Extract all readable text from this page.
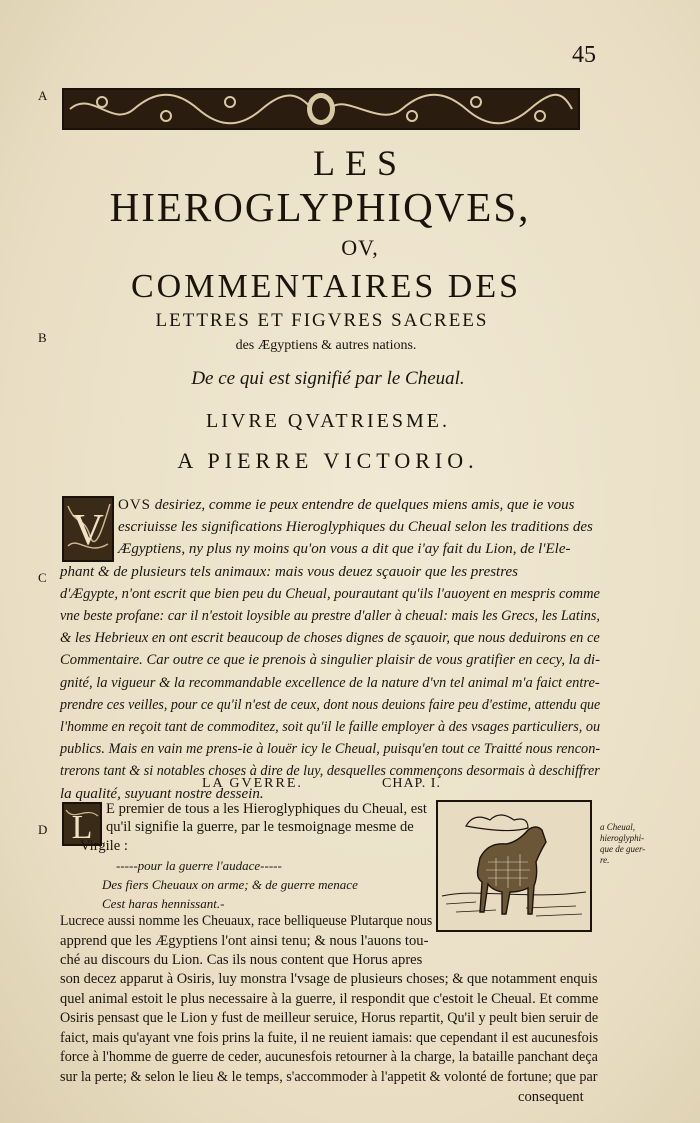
45
A
B
C
D
LES
HIEROGLYPHIQVES,
OV,
COMMENTAIRES DES
LETTRES ET FIGVRES SACREES
des Ægyptiens & autres nations.
De ce qui est signifié par le Cheual.
LIVRE QVATRIESME.
A PIERRE VICTORIO.
V OVS desiriez, comme ie peux entendre de quelques miens amis, que ie vous
escriuisse les significations Hieroglyphiques du Cheual selon les traditions des
Ægyptiens, ny plus ny moins qu'on vous a dit que i'ay fait du Lion, de l'Ele-
phant & de plusieurs tels animaux: mais vous deuez sçauoir que les prestres
d'Ægypte, n'ont escrit que bien peu du Cheual, pourautant qu'ils l'auoyent en mespris comme
vne beste profane: car il n'estoit loysible au prestre d'aller à cheual: mais les Grecs, les Latins,
& les Hebrieux en ont escrit beaucoup de choses dignes de sçauoir, que nous deduirons en ce
Commentaire. Car outre ce que ie prenois à singulier plaisir de vous gratifier en cecy, la di-
gnité, la vigueur & la recommandable excellence de la nature d'vn tel animal m'a faict entre-
prendre ces veilles, pour ce qu'il n'est de ceux, dont nous deuions faire peu d'estime, attendu que
l'homme en reçoit tant de commoditez, soit qu'il le faille employer à des vsages particuliers, ou
publics. Mais en vain me prens-ie à louër icy le Cheual, puisqu'en tout ce Traitté nous rencon-
trerons tant & si notables choses à dire de luy, desquelles commençons desormais à deschiffrer
la qualité, suyuant nostre dessein.
LA GVERRE.	CHAP. I.
L	a Cheual,
hieroglyphi-
que de guer-
re.
E premier de tous a les Hieroglyphiques du Cheual, est
qu'il signifie la guerre, par le tesmoignage mesme de
Virgile :
-----pour la guerre l'audace-----
Des fiers Cheuaux on arme; & de guerre menace
Cest haras hennissant.-
Lucrece aussi nomme les Cheuaux, race belliqueuse Plutarque nous
apprend que les Ægyptiens l'ont ainsi tenu; & nous l'auons tou-
ché au discours du Lion. Cas ils nous content que Horus apres
son decez apparut à Osiris, luy monstra l'vsage de plusieurs choses; & que notamment enquis
quel animal estoit le plus necessaire à la guerre, il respondit que c'estoit le Cheual. Et comme
Osiris pensast que le Lion y fust de meilleur seruice, Horus repartit, Qu'il y peult bien seruir de
faict, mais qu'ayant vne fois prins la fuite, il ne reuient iamais: que cependant il est aucunesfois
force à l'homme de guerre de ceder, aucunesfois retourner à la charge, la bataille panchant deça
sur la perte; & selon le lieu & le temps, s'accommoder à l'appetit & volonté de fortune; que par
consequent
